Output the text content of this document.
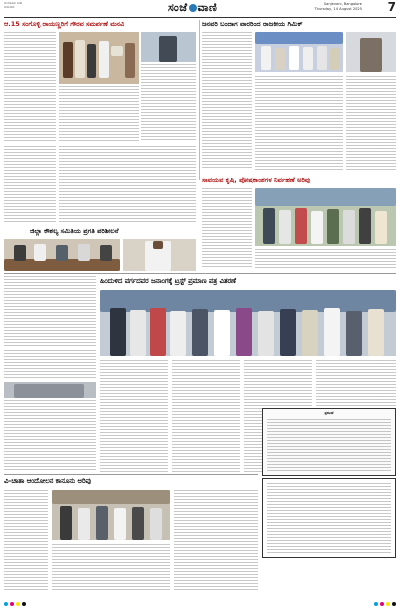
ಬೆಂಗಳೂರು ನಗರ
ಗುರುವಾರ	ಸಂಜೆ ವಾಣಿ	Sanjevani, Bangalore
Thursday, 14 August 2025 7
ಆ.15 ಸಂಗೊಳ್ಳಿ ರಾಯಣ್ಣರಿಗೆ ಗೌರವ ಸಮರ್ಪಣೆ ಮನವಿ	ಜನವರಿ ಬಂದಾಗ ವಾರರಿಂದ ರಾಜಕೀಯ ಗಿಮಿಕ್
ಸಾವಯವ ಕೃಷಿ, ಪೋಷಕಾಂಶಗಳ ನಿರ್ವಹಣೆ ಅರಿವು
ಜಿಲ್ಲಾ ಕೌಶಲ್ಯ ಸಮಿತಿಯ ಪ್ರಗತಿ ಪರಿಶೀಲನೆ
ಹಿಂದುಳಿದ ವರ್ಗದವರ ಜನಾಂಗಕ್ಕೆ ಟ್ರಸ್ಟ್ ಪ್ರಮಾಣ ಪತ್ರ ವಿತರಣೆ
ಪ್ರಕಟಣೆ
ವಿ-ಚಾತಾ ಆಂದೋಲನ ಕಾನೂನು ಅರಿವು
